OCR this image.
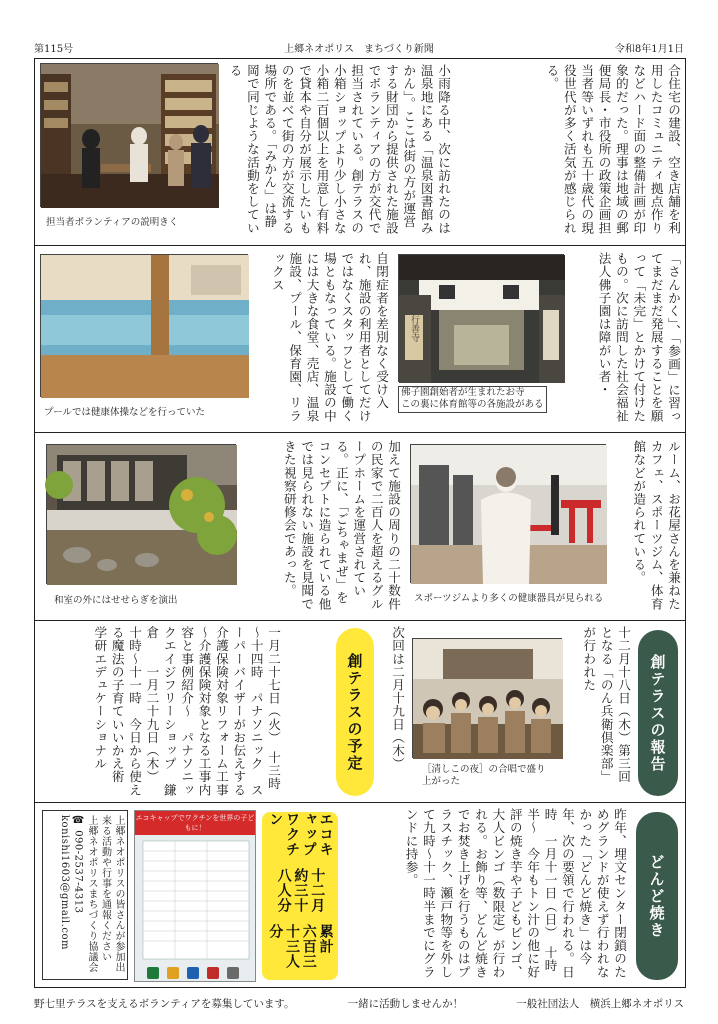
第115号	上郷ネオポリス　まちづくり新聞	令和8年1月1日
担当者ボランティアの説明きく	小雨降る中、次に訪れたのは温泉地にある「温泉図書館みかん」。ここは街の方が運営する財団から提供された施設でボランティアの方が交代で担当されている。創テラスの小箱ショップより少し小さな小箱二百個以上を用意し有料で貸本や自分が展示したいものを並べて街の方が交流する場所である。「みかん」は静岡で同じような活動をしている	合住宅の建設、空き店舗を利用したコミュニティ拠点作りなどハード面の整備計画が印象的だった。理事は地域の郵便局長・市役所の政策企画担当者等いずれも五十歳代の現役世代が多く活気が感じられる。
プールでは健康体操などを行っていた
自閉症者を差別なく受け入れ、施設の利用者としてだけではなくスタッフとして働く場ともなっている。施設の中には大きな食堂、売店、温泉施設、プール、保育園、リラックス
行善寺
佛子園創始者が生まれたお寺
この裏に体育館等の各施設がある	「さんかく」、「参画」に習ってまだまだ発展することを願って「未完」とかけて付けたもの。次に訪問した社会福祉法人佛子園は障がい者・
和室の外にはせせらぎを演出	加えて施設の周りの二十数件の民家で二百人を超えるグループホームを運営されている。正に、「ごちゃまぜ」をコンセプトに造られている他では見られない施設を見聞できた視察研修会であった。
スポーツジムより多くの健康器具が見られる	ルーム、お花屋さんを兼ねたカフェ、スポーツジム、体育館などが造られている。
一月二十七日（火）　十三時～十四時　パナソニック　スーパーバイザーがお伝えする介護保険対象リフォーム工事　～介護保険対象となる工事内容と事例紹介～　パナソニックエイジフリーショップ　鎌倉　　一月二十九日（木）　十時～十一時　今日から使える魔法の子育ていいかえ術　学研エデュケーショナル	創テラスの予定	次回は二月十九日（木） ［清しこの夜］の合唱で盛り
上がった	十二月十八日（木）第三回となる「のん兵衛倶楽部」が行われた	創テラスの報告
上郷ネオポリスの皆さんが参加出来る活動や行事を通報ください　上郷ネオポリスまちづくり協議会 ☎ 090-2537-4313 konishi1603@gmail.com	エコキャップでワクチンを世界の子どもに！	エコキャップワクチン
十二月　約三十八人分
累計　六百三十三人分	昨年、埋文センター閉鎖のためグランドが使えず行われなかった「どんど焼き」は今年、次の要領で行われる。日時　一月十一日（日）　十時半～　今年もトン汁の他に好評の焼き芋や子どもビンゴ、大人ビンゴ（数限定）が行われる。お飾り等、どんど焼きでお焚き上げを行うものはプラスチック、瀬戸物等を外して九時～十一時半までにグランドに持参。
どんど焼き
野七里テラスを支えるボランティアを募集しています。	一緒に活動しませんか！	一般社団法人　横浜上郷ネオポリス
